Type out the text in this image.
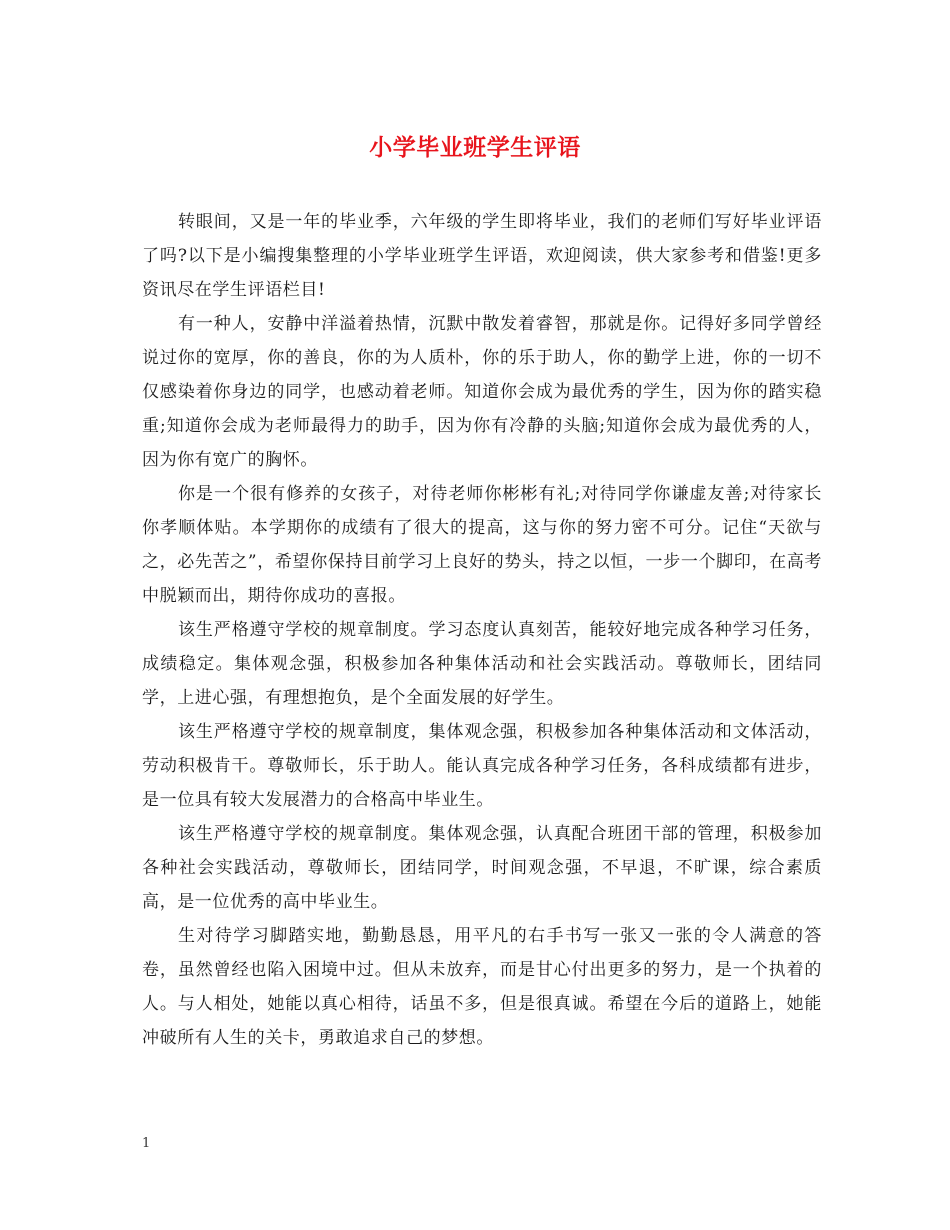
小学毕业班学生评语

转眼间，又是一年的毕业季，六年级的学生即将毕业，我们的老师们写好毕业评语了吗?以下是小编搜集整理的小学毕业班学生评语，欢迎阅读，供大家参考和借鉴!更多资讯尽在学生评语栏目!

有一种人，安静中洋溢着热情，沉默中散发着睿智，那就是你。记得好多同学曾经说过你的宽厚，你的善良，你的为人质朴，你的乐于助人，你的勤学上进，你的一切不仅感染着你身边的同学，也感动着老师。知道你会成为最优秀的学生，因为你的踏实稳重;知道你会成为老师最得力的助手，因为你有冷静的头脑;知道你会成为最优秀的人，因为你有宽广的胸怀。

你是一个很有修养的女孩子，对待老师你彬彬有礼;对待同学你谦虚友善;对待家长你孝顺体贴。本学期你的成绩有了很大的提高，这与你的努力密不可分。记住“天欲与之，必先苦之”，希望你保持目前学习上良好的势头，持之以恒，一步一个脚印，在高考中脱颖而出，期待你成功的喜报。

该生严格遵守学校的规章制度。学习态度认真刻苦，能较好地完成各种学习任务，成绩稳定。集体观念强，积极参加各种集体活动和社会实践活动。尊敬师长，团结同学，上进心强，有理想抱负，是个全面发展的好学生。

该生严格遵守学校的规章制度，集体观念强，积极参加各种集体活动和文体活动，劳动积极肯干。尊敬师长，乐于助人。能认真完成各种学习任务，各科成绩都有进步，是一位具有较大发展潜力的合格高中毕业生。

该生严格遵守学校的规章制度。集体观念强，认真配合班团干部的管理，积极参加各种社会实践活动，尊敬师长，团结同学，时间观念强，不早退，不旷课，综合素质高，是一位优秀的高中毕业生。

生对待学习脚踏实地，勤勤恳恳，用平凡的右手书写一张又一张的令人满意的答卷，虽然曾经也陷入困境中过。但从未放弃，而是甘心付出更多的努力，是一个执着的人。与人相处，她能以真心相待，话虽不多，但是很真诚。希望在今后的道路上，她能冲破所有人生的关卡，勇敢追求自己的梦想。

1
